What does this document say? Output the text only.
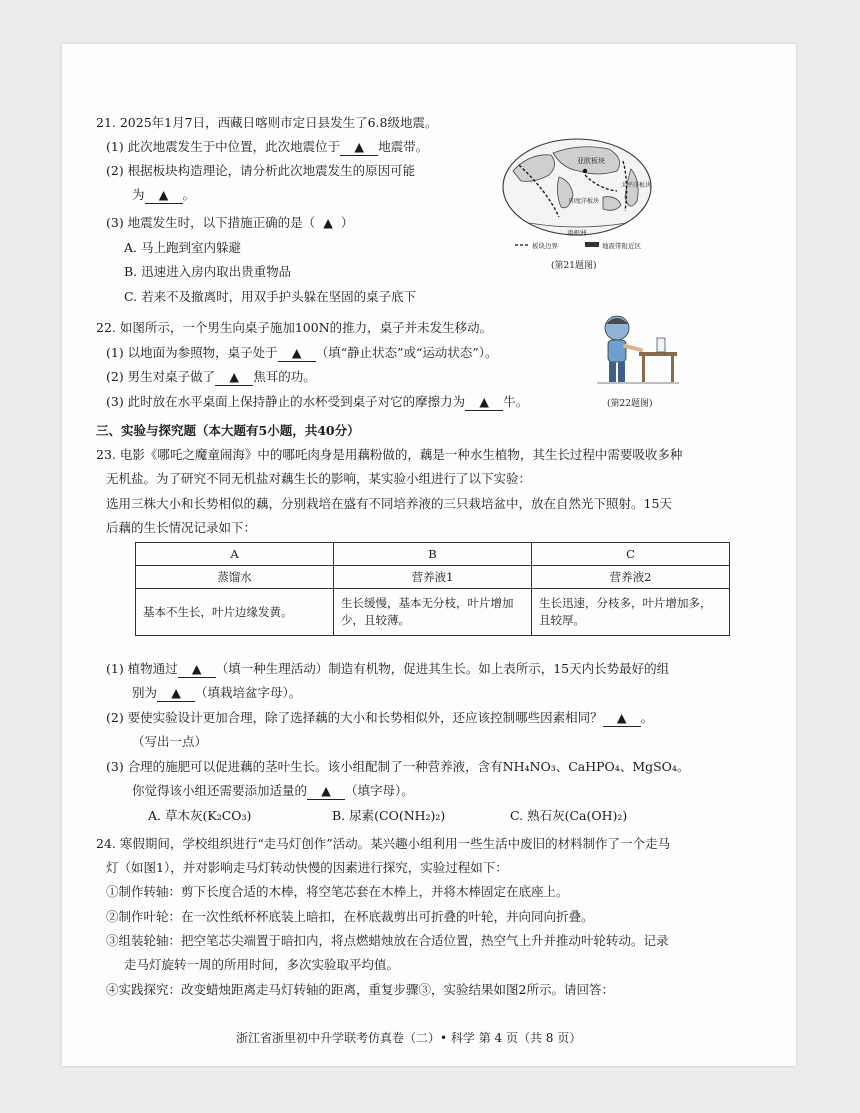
21. 2025年1月7日，西藏日喀则市定日县发生了6.8级地震。
(1) 此次地震发生于中位置，此次地震位于 ▲ 地震带。
(2) 根据板块构造理论，请分析此次地震发生的原因可能
为 ▲ 。
(3) 地震发生时，以下措施正确的是（ ▲ ）
A. 马上跑到室内躲避
B. 迅速进入房内取出贵重物品
C. 若来不及撤离时，用双手护头躲在坚固的桌子底下
亚欧板块
太平洋板块
印度洋板块
南极洲
板块边界	地震带附近区
(第21题图)
22. 如图所示，一个男生向桌子施加100N的推力，桌子并未发生移动。
(1) 以地面为参照物，桌子处于 ▲ （填“静止状态”或“运动状态”）。
(2) 男生对桌子做了 ▲ 焦耳的功。
(3) 此时放在水平桌面上保持静止的水杯受到桌子对它的摩擦力为 ▲ 牛。	(第22题图)
三、实验与探究题（本大题有5小题，共40分）
23. 电影《哪吒之魔童闹海》中的哪吒肉身是用藕粉做的，藕是一种水生植物，其生长过程中需要吸收多种
无机盐。为了研究不同无机盐对藕生长的影响，某实验小组进行了以下实验：
选用三株大小和长势相似的藕，分别栽培在盛有不同培养液的三只栽培盆中，放在自然光下照射。15天
后藕的生长情况记录如下：
A	B	C
蒸馏水	营养液1	营养液2
基本不生长，叶片边缘发黄。	生长缓慢，基本无分枝，叶片增加少，且较薄。	生长迅速，分枝多，叶片增加多，且较厚。
(1) 植物通过 ▲ （填一种生理活动）制造有机物，促进其生长。如上表所示，15天内长势最好的组
别为 ▲ （填栽培盆字母）。
(2) 要使实验设计更加合理，除了选择藕的大小和长势相似外，还应该控制哪些因素相同？ ▲ 。
（写出一点）
(3) 合理的施肥可以促进藕的茎叶生长。该小组配制了一种营养液，含有NH₄NO₃、CaHPO₄、MgSO₄。
你觉得该小组还需要添加适量的 ▲ （填字母）。
A. 草木灰(K₂CO₃)	B. 尿素(CO(NH₂)₂)	C. 熟石灰(Ca(OH)₂)
24. 寒假期间，学校组织进行“走马灯创作”活动。某兴趣小组利用一些生活中废旧的材料制作了一个走马
灯（如图1），并对影响走马灯转动快慢的因素进行探究，实验过程如下：
①制作转轴：剪下长度合适的木棒，将空笔芯套在木棒上，并将木棒固定在底座上。
②制作叶轮：在一次性纸杯杯底装上暗扣，在杯底裁剪出可折叠的叶轮，并向同向折叠。
③组装轮轴：把空笔芯尖端置于暗扣内，将点燃蜡烛放在合适位置，热空气上升并推动叶轮转动。记录
走马灯旋转一周的所用时间，多次实验取平均值。
④实践探究：改变蜡烛距离走马灯转轴的距离，重复步骤③，实验结果如图2所示。请回答：
浙江省浙里初中升学联考仿真卷（二）• 科学 第 4 页（共 8 页）
